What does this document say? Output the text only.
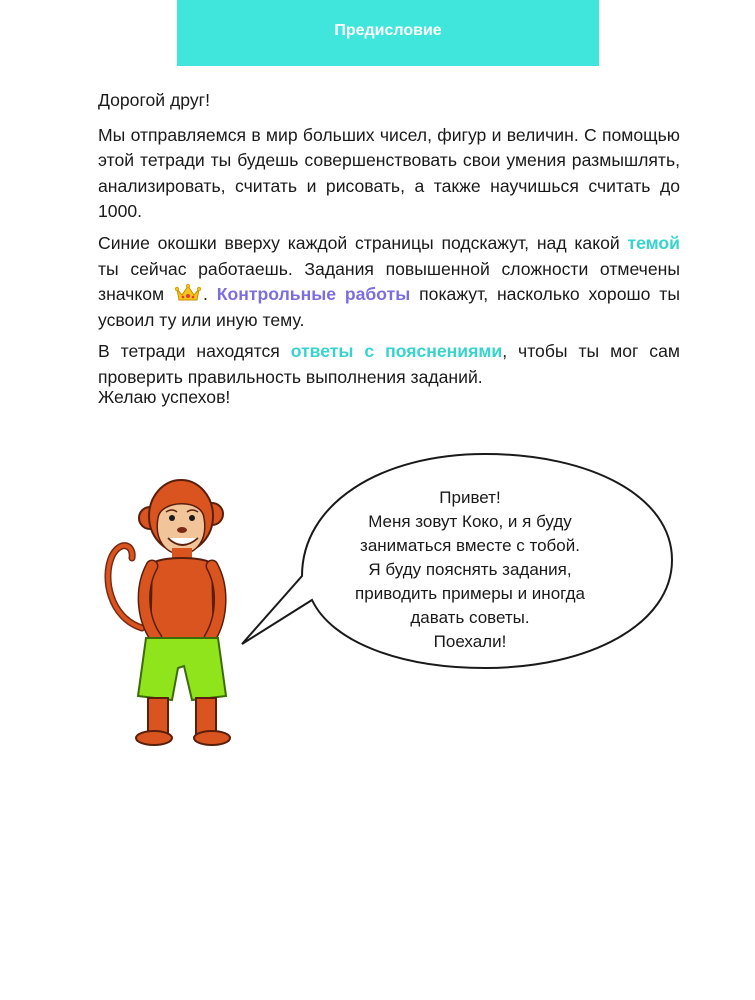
Предисловие

Дорогой друг!

Мы отправляемся в мир больших чисел, фигур и величин. С помощью этой тетради ты будешь совершенствовать свои умения размышлять, анализировать, считать и рисовать, а также научишься считать до 1000.

Синие окошки вверху каждой страницы подскажут, над какой темой ты сейчас работаешь. Задания повышенной сложности отмечены значком . Контрольные работы покажут, насколько хорошо ты усвоил ту или иную тему.

В тетради находятся ответы с пояснениями, чтобы ты мог сам проверить правильность выполнения заданий.

Желаю успехов!

Привет!
Меня зовут Коко, и я буду
заниматься вместе с тобой.
Я буду пояснять задания,
приводить примеры и иногда
давать советы.
Поехали!
